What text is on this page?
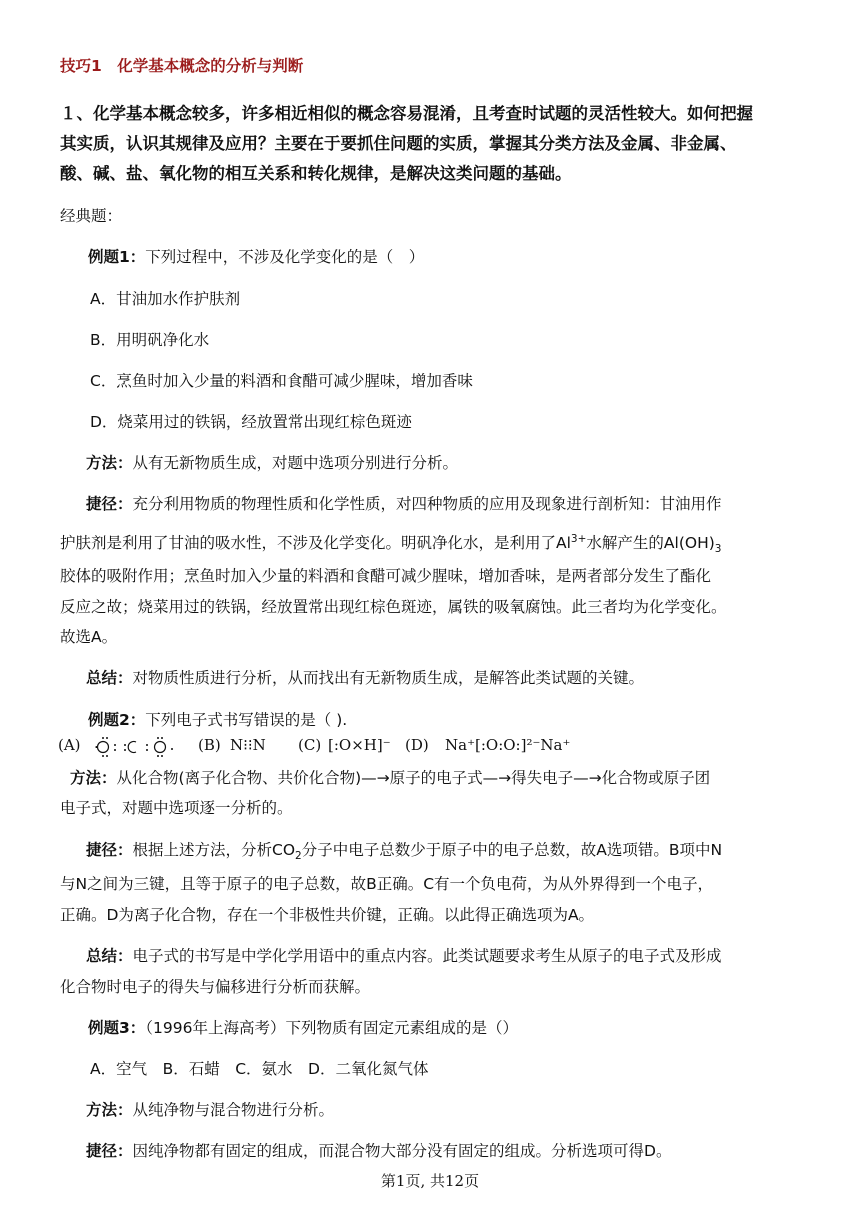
技巧1　化学基本概念的分析与判断
１、化学基本概念较多，许多相近相似的概念容易混淆，且考查时试题的灵活性较大。如何把握
其实质，认识其规律及应用？主要在于要抓住问题的实质，掌握其分类方法及金属、非金属、
酸、碱、盐、氧化物的相互关系和转化规律，是解决这类问题的基础。
经典题：
例题1：下列过程中，不涉及化学变化的是（　）
A．甘油加水作护肤剂
B．用明矾净化水
C．烹鱼时加入少量的料酒和食醋可减少腥味，增加香味
D．烧菜用过的铁锅，经放置常出现红棕色斑迹
方法：从有无新物质生成，对题中选项分别进行分析。
捷径：充分利用物质的物理性质和化学性质，对四种物质的应用及现象进行剖析知：甘油用作
护肤剂是利用了甘油的吸水性，不涉及化学变化。明矾净化水，是利用了$Al^{3+}$水解产生的$Al(OH)_3$
胶体的吸附作用；烹鱼时加入少量的料酒和食醋可减少腥味，增加香味，是两者部分发生了酯化
反应之故；烧菜用过的铁锅，经放置常出现红棕色斑迹，属铁的吸氧腐蚀。此三者均为化学变化。
故选A。
总结：对物质性质进行分析，从而找出有无新物质生成，是解答此类试题的关键。
例题2：下列电子式书写错误的是（ ).
(A) ·	(B) N⁝⁝N (C) [:O×H]⁻ (D) Na⁺[:O:O:]²⁻Na⁺
方法：从化合物(离子化合物、共价化合物)—→原子的电子式—→得失电子—→化合物或原子团
电子式，对题中选项逐一分析的。
捷径：根据上述方法，分析$CO_2$分子中电子总数少于原子中的电子总数，故A选项错。B项中N
与N之间为三键，且等于原子的电子总数，故B正确。C有一个负电荷，为从外界得到一个电子，
正确。D为离子化合物，存在一个非极性共价键，正确。以此得正确选项为A。
总结：电子式的书写是中学化学用语中的重点内容。此类试题要求考生从原子的电子式及形成
化合物时电子的得失与偏移进行分析而获解。
例题3：（1996年上海高考）下列物质有固定元素组成的是（）
A．空气　B．石蜡　C．氨水　D．二氧化氮气体
方法：从纯净物与混合物进行分析。
捷径：因纯净物都有固定的组成，而混合物大部分没有固定的组成。分析选项可得D。
第1页, 共12页
